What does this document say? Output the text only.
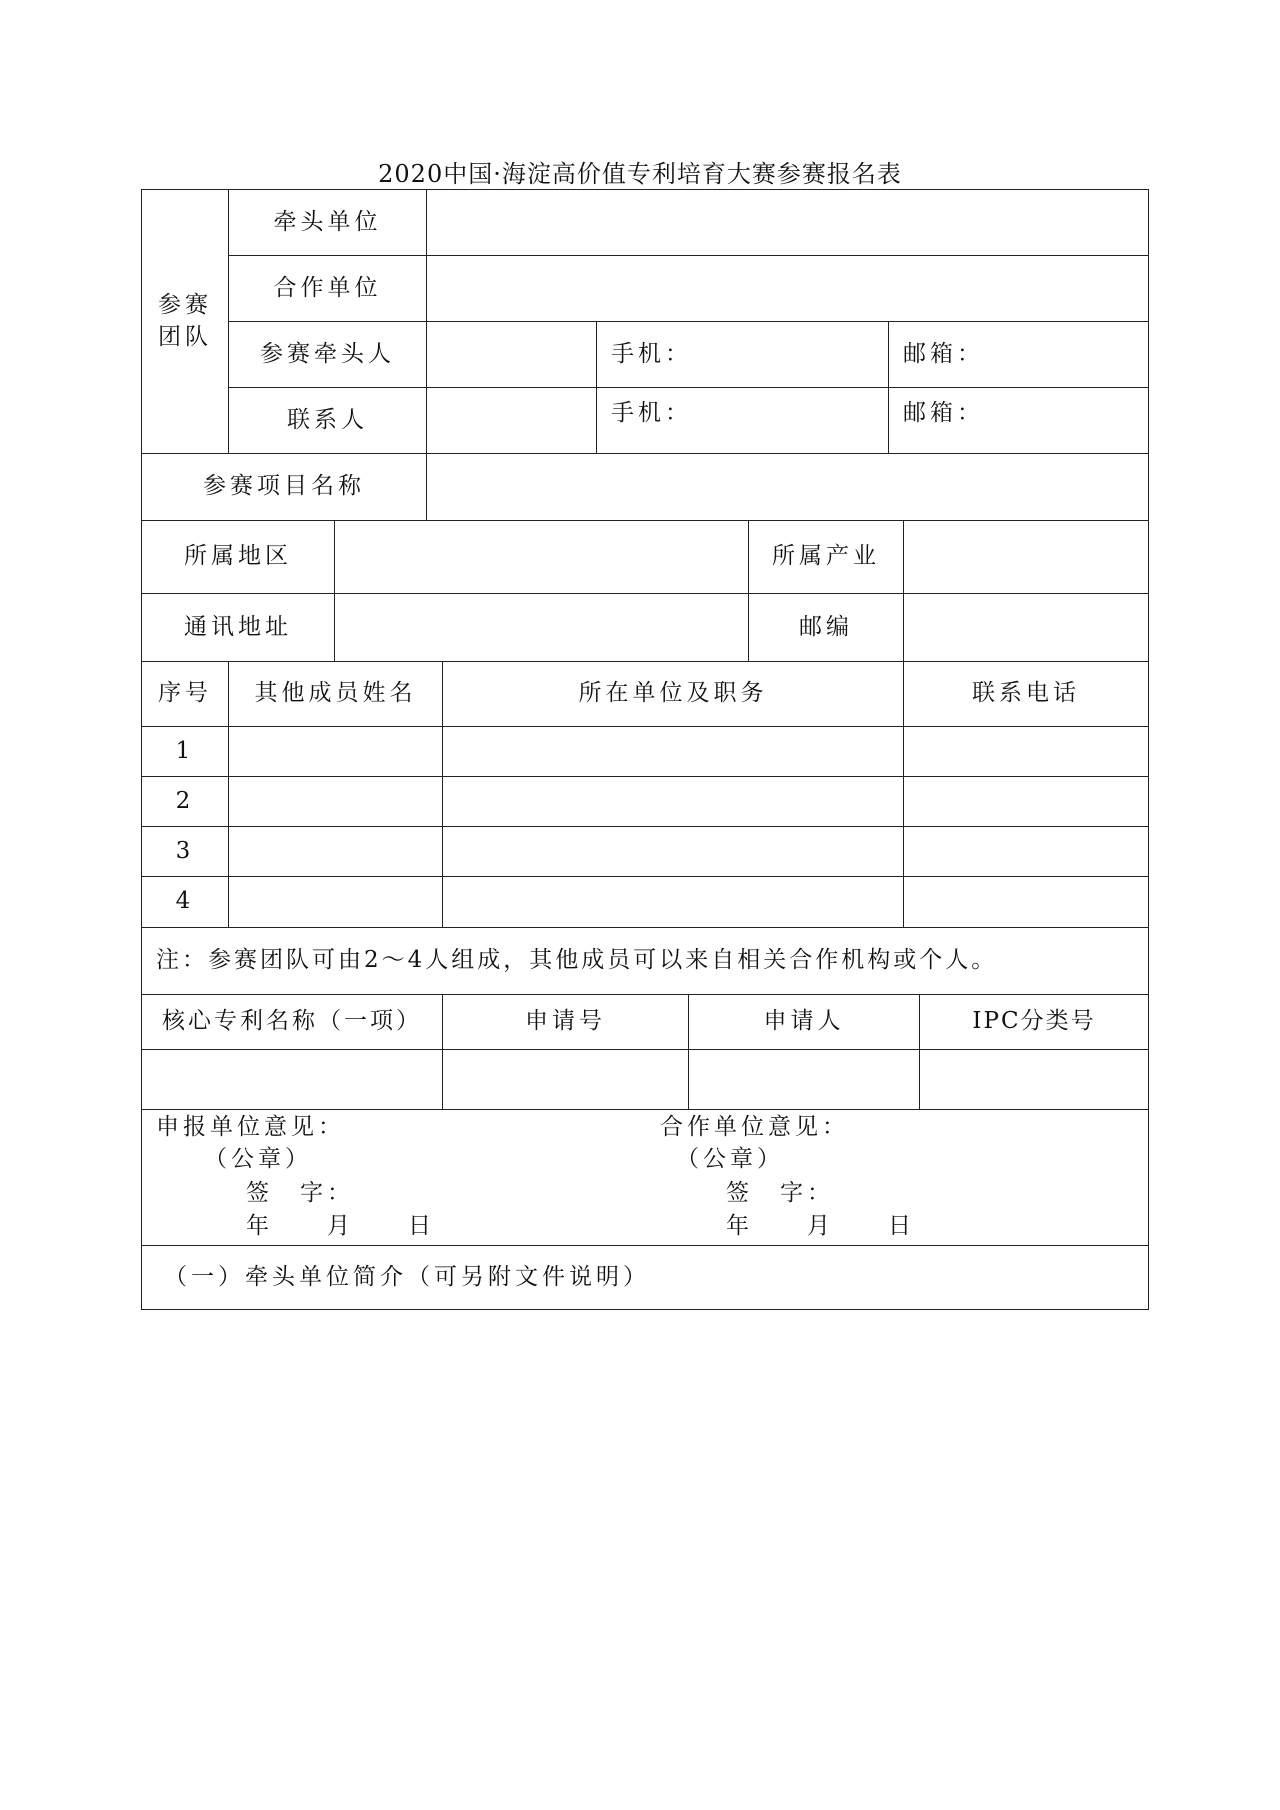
2020中国·海淀高价值专利培育大赛参赛报名表
参赛
团队
牵头单位
合作单位
参赛牵头人	手机：	邮箱：
联系人	手机：	邮箱：
参赛项目名称
所属地区	所属产业
通讯地址	邮编
序号	其他成员姓名	所在单位及职务	联系电话
1
2
3
4
注：参赛团队可由2～4人组成，其他成员可以来自相关合作机构或个人。
核心专利名称（一项）	申请号	申请人	IPC分类号
申报单位意见：
（公章）
签　字：
年　　月　　日
合作单位意见：
（公章）
签　字：
年　　月　　日
（一）牵头单位简介（可另附文件说明）
